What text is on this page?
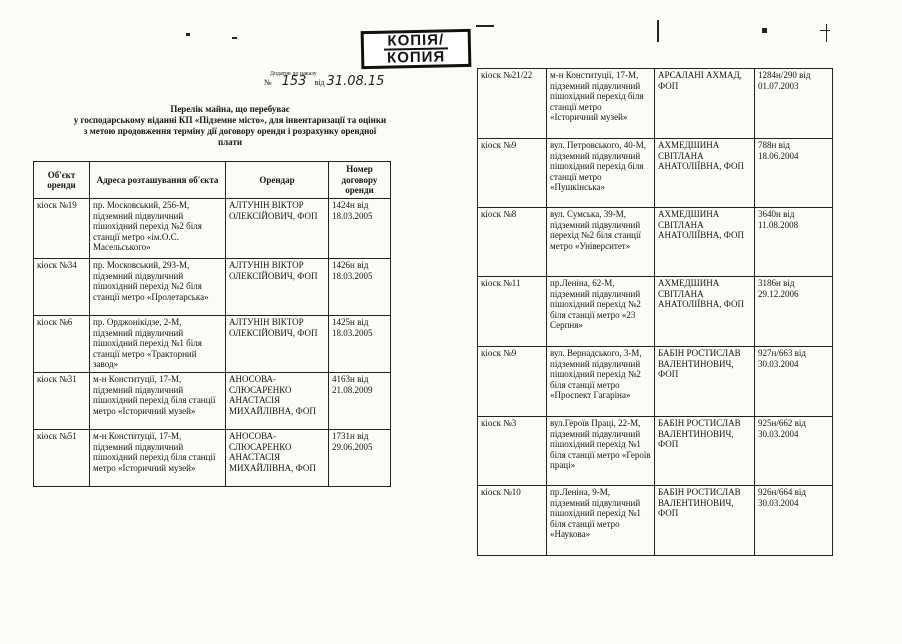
КОПІЯ/
КОПИЯ
Додаток до наказу
№ 153 від 31.08.15
Перелік майна, що перебуває
у господарському віданні КП «Підземне місто», для інвентаризації та оцінки
з метою продовження терміну дії договору оренди і розрахунку орендної
плати
Об'єкт оренди	Адреса розташування об'єкта	Орендар	Номер договору оренди
кіоск №19	пр. Московський, 256-М, підземний підвуличний пішохідний перехід №2 біля станції метро «ім.О.С. Масельського»	АЛТУНІН ВІКТОР ОЛЕКСІЙОВИЧ, ФОП	1424н від 18.03.2005
кіоск №34	пр. Московський, 293-М, підземний підвуличний пішохідний перехід №2 біля станції метро «Пролетарська»	АЛТУНІН ВІКТОР ОЛЕКСІЙОВИЧ, ФОП	1426н від 18.03.2005
кіоск №6	пр. Орджонікідзе, 2-М, підземний підвуличний пішохідний перехід №1 біля станції метро «Тракторний завод»	АЛТУНІН ВІКТОР ОЛЕКСІЙОВИЧ, ФОП	1425н від 18.03.2005
кіоск №31	м-н Конституції, 17-М, підземний підвуличний пішохідний перехід біля станції метро «Історичний музей»	АНОСОВА-СЛЮСАРЕНКО АНАСТАСІЯ МИХАЙЛІВНА, ФОП	4163н від 21.08.2009
кіоск №51	м-н Конституції, 17-М, підземний підвуличний пішохідний перехід біля станції метро «Історичний музей»	АНОСОВА-СЛЮСАРЕНКО АНАСТАСІЯ МИХАЙЛІВНА, ФОП	1731н від 29.06.2005
кіоск №21/22	м-н Конституції, 17-М, підземний підвуличний пішохідний перехід біля станції метро «Історичний музей»	АРСАЛАНІ АХМАД, ФОП	1284н/290 від 01.07.2003
кіоск №9	вул. Петровського, 40-М, підземний підвуличний пішохідний перехід біля станції метро «Пушкінська»	АХМЕДШИНА СВІТЛАНА АНАТОЛІЇВНА, ФОП	788н від 18.06.2004
кіоск №8	вул. Сумська, 39-М, підземний підвуличний перехід №2 біля станції метро «Університет»	АХМЕДШИНА СВІТЛАНА АНАТОЛІЇВНА, ФОП	3640н від 11.08.2008
кіоск №11	пр.Леніна, 62-М, підземний підвуличний пішохідний перехід №2 біля станції метро «23 Серпня»	АХМЕДШИНА СВІТЛАНА АНАТОЛІЇВНА, ФОП	3186н від 29.12.2006
кіоск №9	вул. Вернадського, 3-М, підземний підвуличний пішохідний перехід №2 біля станції метро «Проспект Гагаріна»	БАБІН РОСТИСЛАВ ВАЛЕНТИНОВИЧ, ФОП	927н/663 від 30.03.2004
кіоск №3	вул.Героїв Праці, 22-М, підземний підвуличний пішохідний перехід №1 біля станції метро «Героїв праці»	БАБІН РОСТИСЛАВ ВАЛЕНТИНОВИЧ, ФОП	925н/662 від 30.03.2004
кіоск №10	пр.Леніна, 9-М, підземний підвуличний пішохідний перехід №1 біля станції метро «Наукова»	БАБІН РОСТИСЛАВ ВАЛЕНТИНОВИЧ, ФОП	926н/664 від 30.03.2004
